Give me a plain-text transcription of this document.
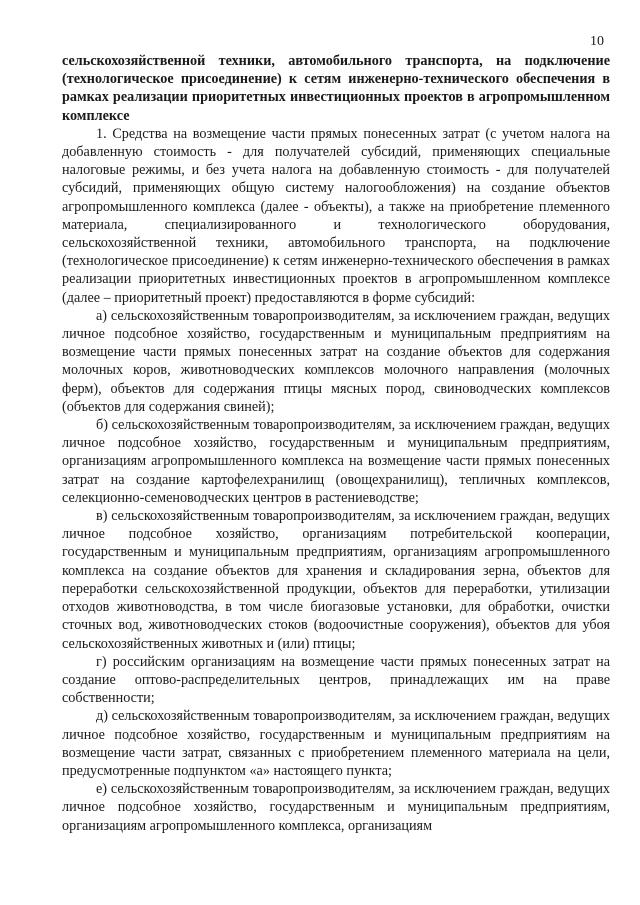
10

сельскохозяйственной техники, автомобильного транспорта, на подключение (технологическое присоединение) к сетям инженерно-технического обеспечения в рамках реализации приоритетных инвестиционных проектов в агропромышленном комплексе

1. Средства на возмещение части прямых понесенных затрат (с учетом налога на добавленную стоимость - для получателей субсидий, применяющих специальные налоговые режимы, и без учета налога на добавленную стоимость - для получателей субсидий, применяющих общую систему налогообложения) на создание объектов агропромышленного комплекса (далее - объекты), а также на приобретение племенного материала, специализированного и технологического оборудования, сельскохозяйственной техники, автомобильного транспорта, на подключение (технологическое присоединение) к сетям инженерно-технического обеспечения в рамках реализации приоритетных инвестиционных проектов в агропромышленном комплексе (далее – приоритетный проект) предоставляются в форме субсидий:

а) сельскохозяйственным товаропроизводителям, за исключением граждан, ведущих личное подсобное хозяйство, государственным и муниципальным предприятиям на возмещение части прямых понесенных затрат на создание объектов для содержания молочных коров, животноводческих комплексов молочного направления (молочных ферм), объектов для содержания птицы мясных пород, свиноводческих комплексов (объектов для содержания свиней);

б) сельскохозяйственным товаропроизводителям, за исключением граждан, ведущих личное подсобное хозяйство, государственным и муниципальным предприятиям, организациям агропромышленного комплекса на возмещение части прямых понесенных затрат на создание картофелехранилищ (овощехранилищ), тепличных комплексов, селекционно-семеноводческих центров в растениеводстве;

в) сельскохозяйственным товаропроизводителям, за исключением граждан, ведущих личное подсобное хозяйство, организациям потребительской кооперации, государственным и муниципальным предприятиям, организациям агропромышленного комплекса на создание объектов для хранения и складирования зерна, объектов для переработки сельскохозяйственной продукции, объектов для переработки, утилизации отходов животноводства, в том числе биогазовые установки, для обработки, очистки сточных вод, животноводческих стоков (водоочистные сооружения), объектов для убоя сельскохозяйственных животных и (или) птицы;

г) российским организациям на возмещение части прямых понесенных затрат на создание оптово-распределительных центров, принадлежащих им на праве собственности;

д) сельскохозяйственным товаропроизводителям, за исключением граждан, ведущих личное подсобное хозяйство, государственным и муниципальным предприятиям на возмещение части затрат, связанных с приобретением племенного материала на цели, предусмотренные подпунктом «а» настоящего пункта;

е) сельскохозяйственным товаропроизводителям, за исключением граждан, ведущих личное подсобное хозяйство, государственным и муниципальным предприятиям, организациям агропромышленного комплекса, организациям
